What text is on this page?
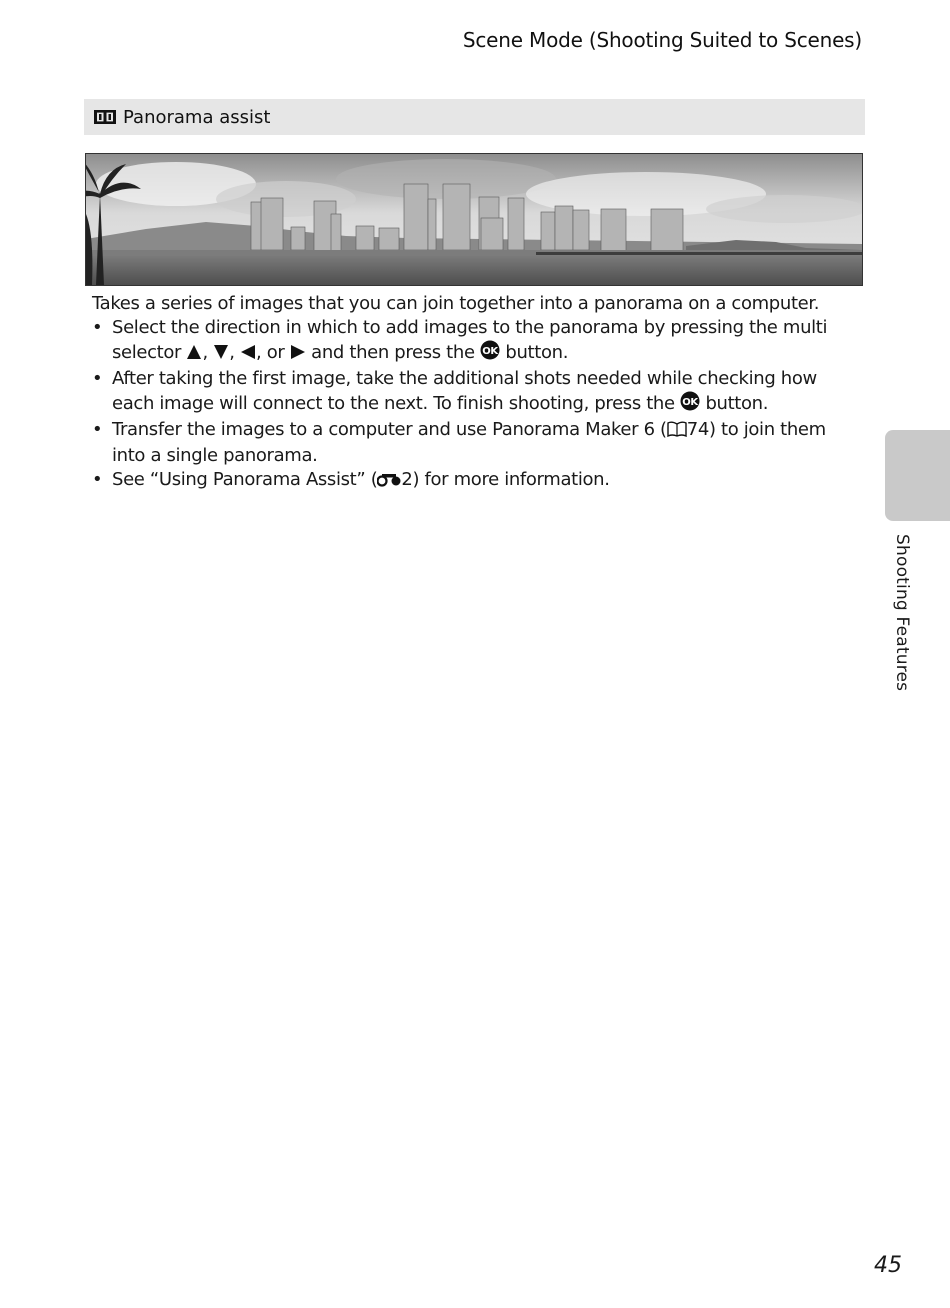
Scene Mode (Shooting Suited to Scenes)
Panorama assist

Takes a series of images that you can join together into a panorama on a computer.

• Select the direction in which to add images to the panorama by pressing the multi selector , , , or  and then press the OK button.
• After taking the first image, take the additional shots needed while checking how each image will connect to the next. To finish shooting, press the OK button.
• Transfer the images to a computer and use Panorama Maker 6 ( 74) to join them into a single panorama.
• See “Using Panorama Assist” ( 2) for more information.
Shooting Features
45
